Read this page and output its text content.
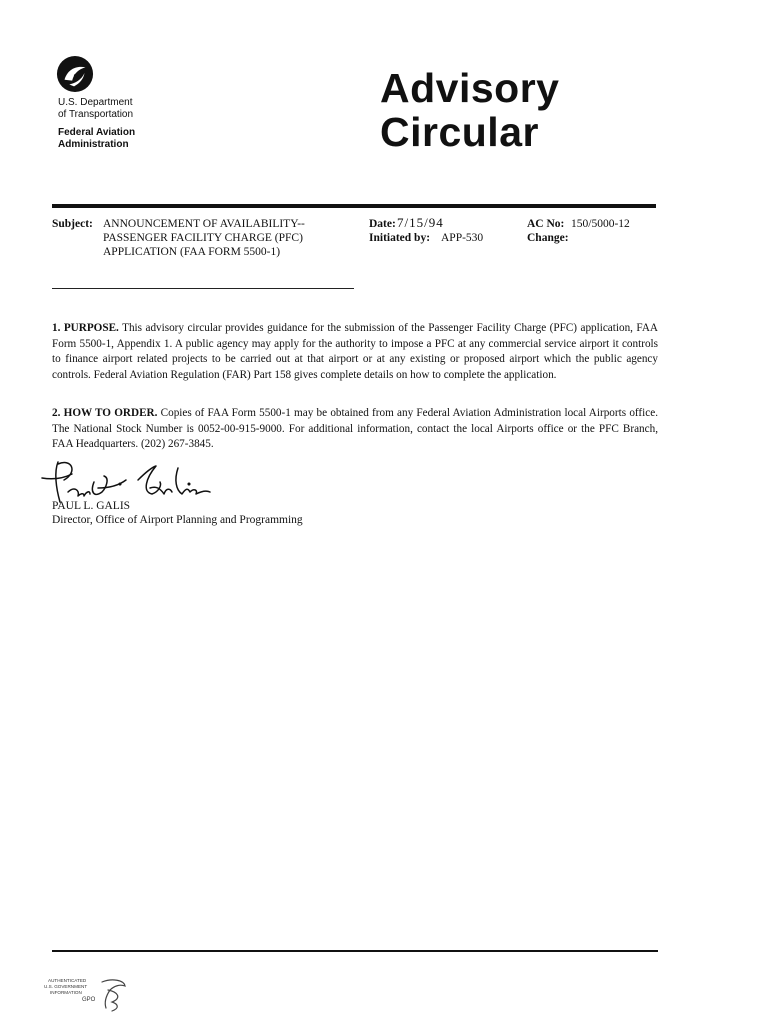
U.S. Department
of Transportation
Federal Aviation
Administration
Advisory
Circular
Subject: ANNOUNCEMENT OF AVAILABILITY--
PASSENGER FACILITY CHARGE (PFC)
APPLICATION (FAA FORM 5500-1)
Date: 7/15/94
Initiated by: APP-530
AC No: 150/5000-12
Change:
1. PURPOSE. This advisory circular provides guidance for the submission of the Passenger Facility Charge (PFC) application, FAA Form 5500-1, Appendix 1. A public agency may apply for the authority to impose a PFC at any commercial service airport it controls to finance airport related projects to be carried out at that airport or at any existing or proposed airport which the public agency controls. Federal Aviation Regulation (FAR) Part 158 gives complete details on how to complete the application.
2. HOW TO ORDER. Copies of FAA Form 5500-1 may be obtained from any Federal Aviation Administration local Airports office. The National Stock Number is 0052-00-915-9000. For additional information, contact the local Airports office or the PFC Branch, FAA Headquarters. (202) 267-3845.
PAUL L. GALIS
Director, Office of Airport Planning and Programming
AUTHENTICATED
U.S. GOVERNMENT
INFORMATION
GPO
